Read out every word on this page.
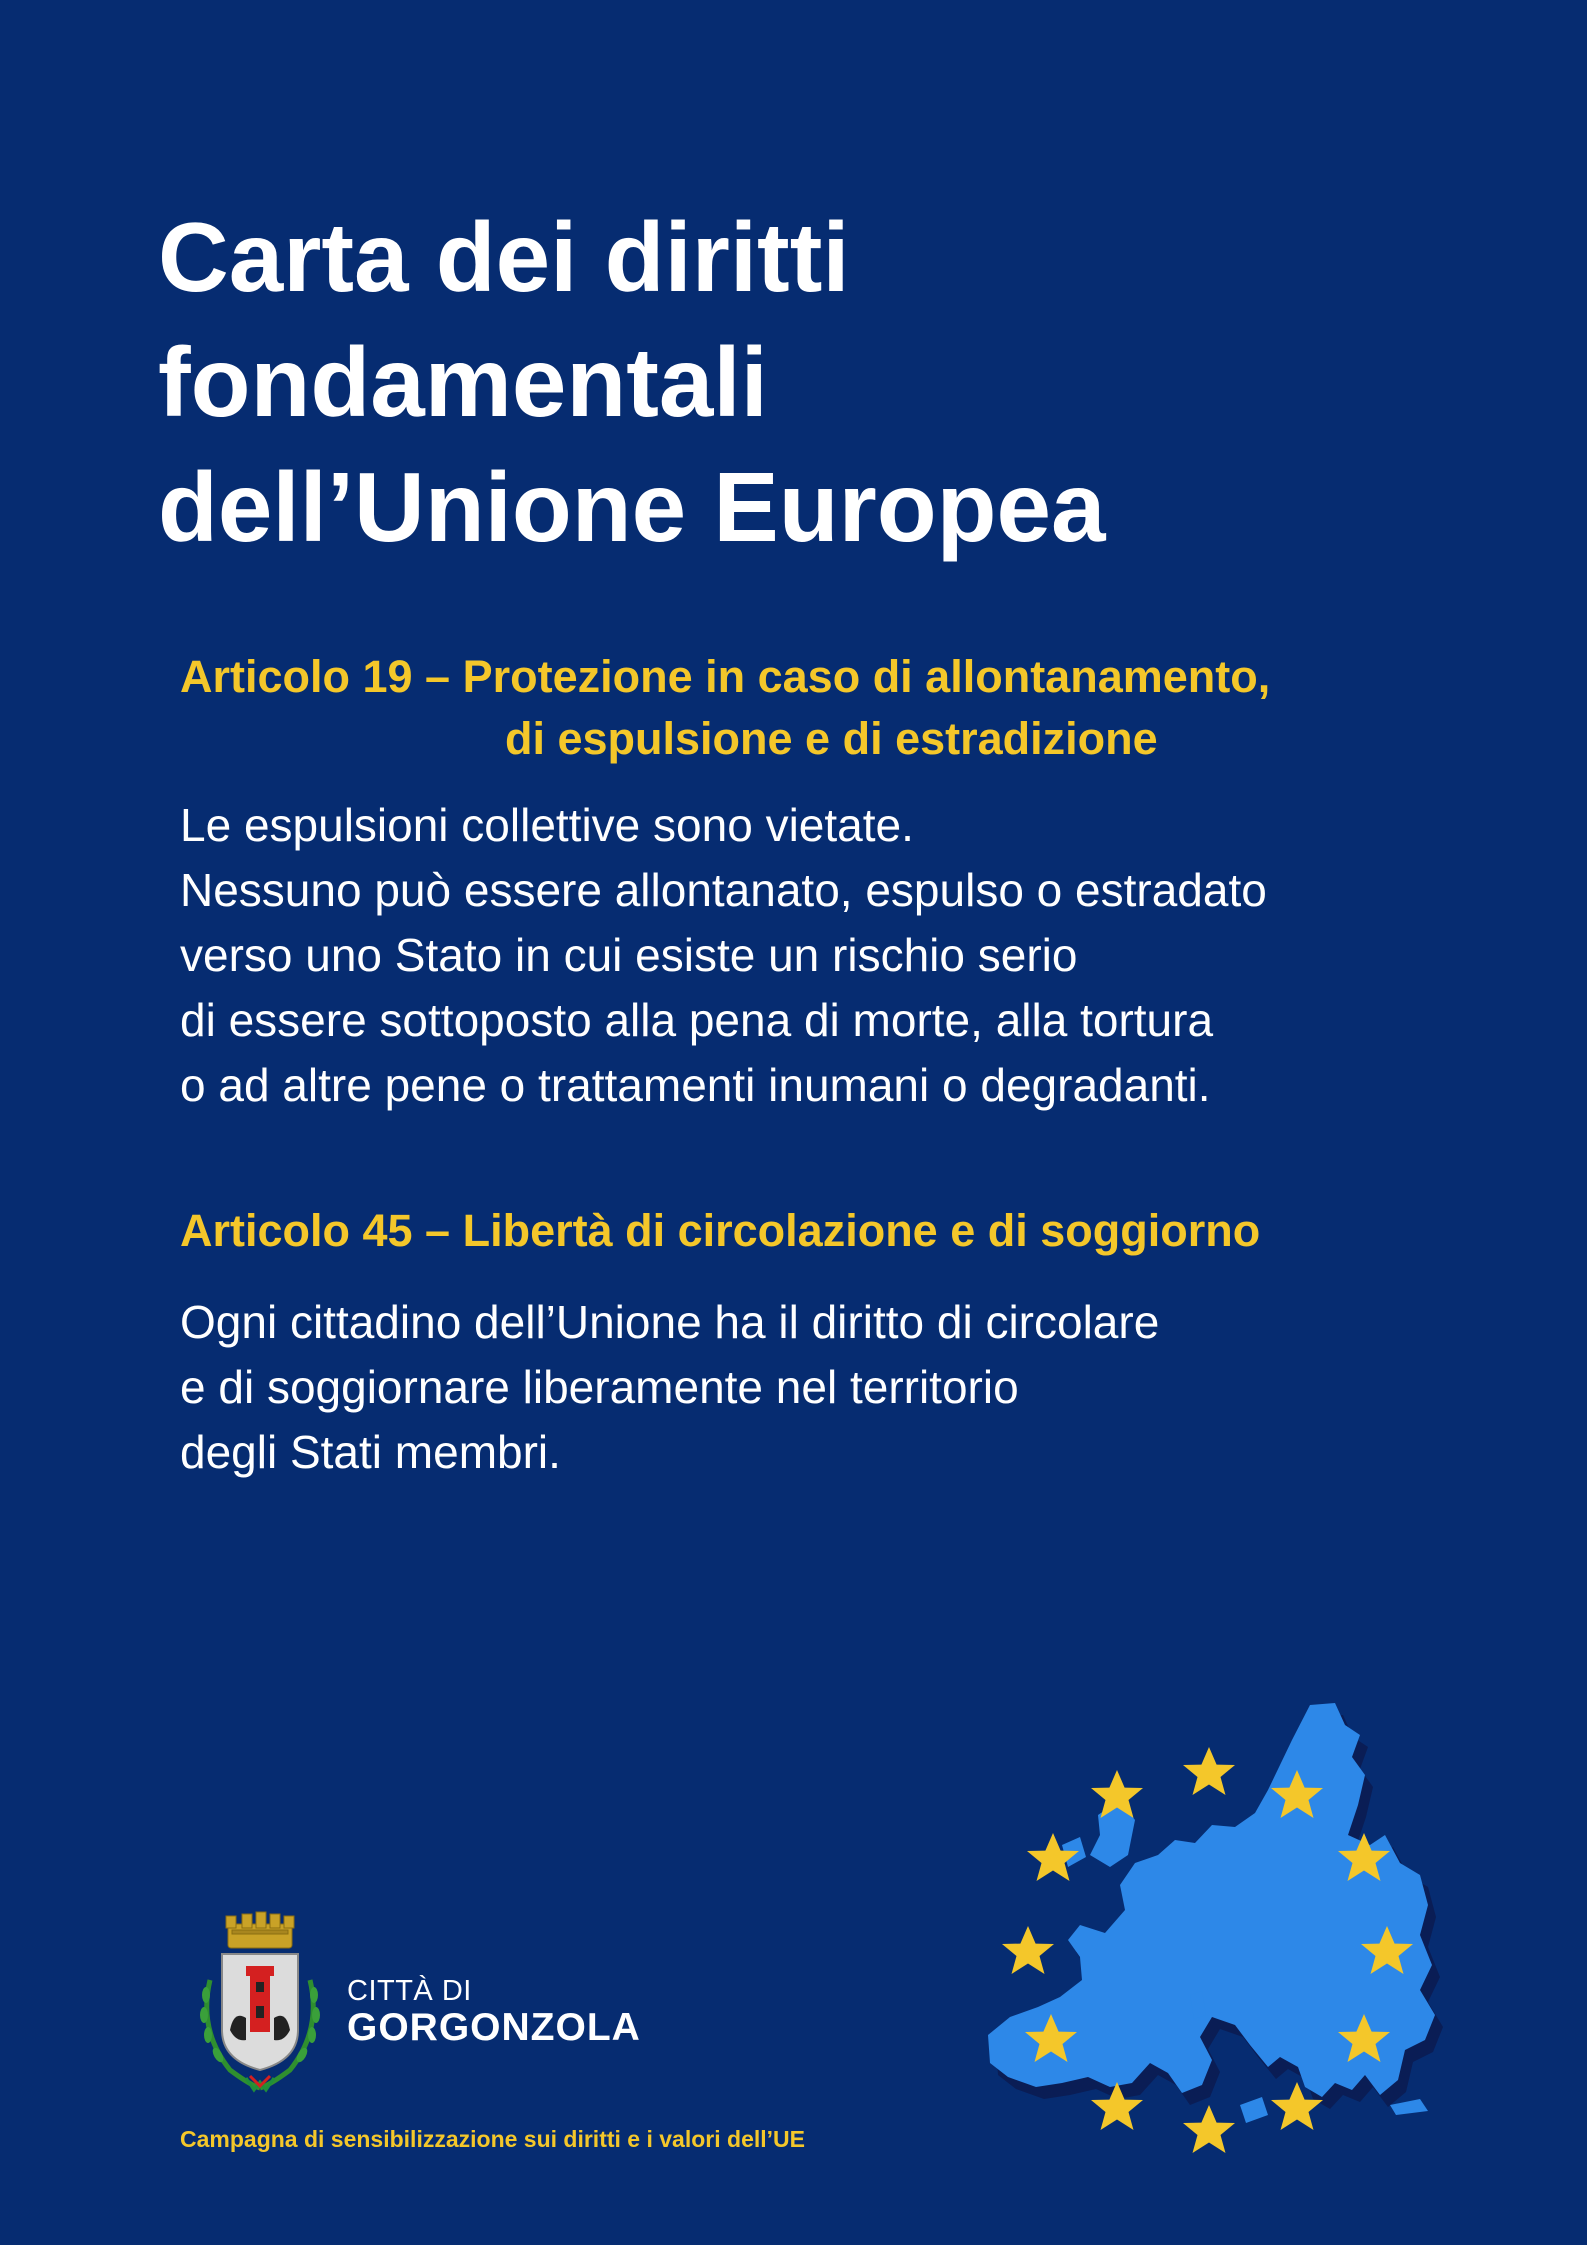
Carta dei diritti
fondamentali
dell’Unione Europea
Articolo 19 – Protezione in caso di allontanamento,
di espulsione e di estradizione
Le espulsioni collettive sono vietate.
Nessuno può essere allontanato, espulso o estradato
verso uno Stato in cui esiste un rischio serio
di essere sottoposto alla pena di morte, alla tortura
o ad altre pene o trattamenti inumani o degradanti.
Articolo 45 – Libertà di circolazione e di soggiorno
Ogni cittadino dell’Unione ha il diritto di circolare
e di soggiornare liberamente nel territorio
degli Stati membri.
CITTÀ DI
GORGONZOLA

Campagna di sensibilizzazione sui diritti e i valori dell’UE
